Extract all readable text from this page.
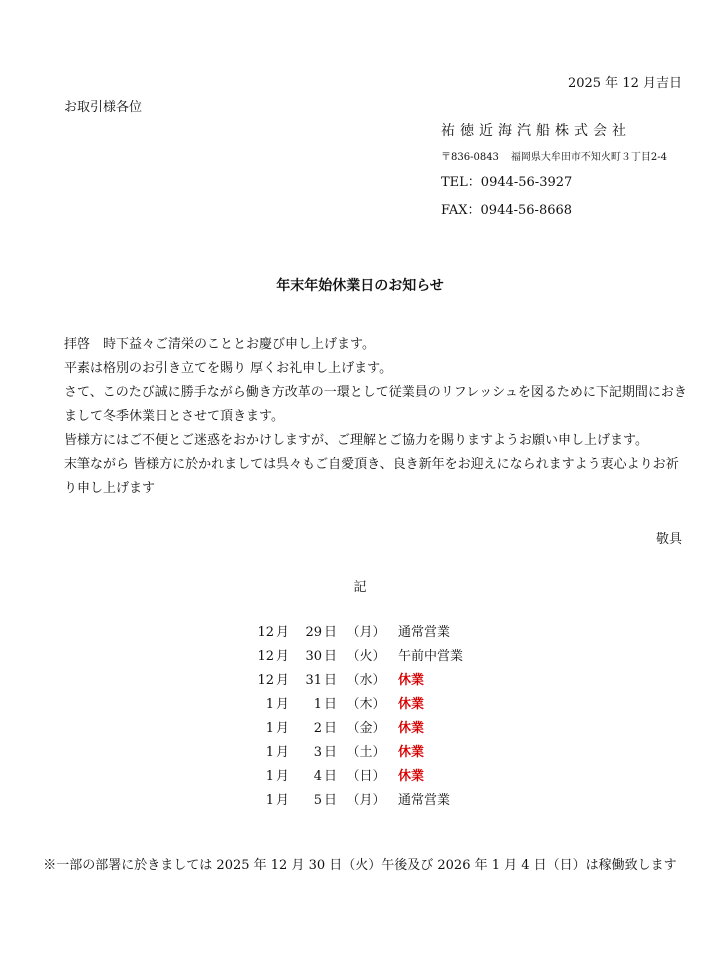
2025 年 12 月吉日
お取引様各位
祐徳近海汽船株式会社
〒836-0843 福岡県大牟田市不知火町３丁目2-4
TEL：0944-56-3927
FAX：0944-56-8668
年末年始休業日のお知らせ

拝啓　時下益々ご清栄のこととお慶び申し上げます。

平素は格別のお引き立てを賜り 厚くお礼申し上げます。

さて、このたび誠に勝手ながら働き方改革の一環として従業員のリフレッシュを図るために下記期間におきまして冬季休業日とさせて頂きます。

皆様方にはご不便とご迷惑をおかけしますが、ご理解とご協力を賜りますようお願い申し上げます。

末筆ながら 皆様方に於かれましては呉々もご自愛頂き、良き新年をお迎えになられますよう衷心よりお祈り申し上げます

敬具
記
12 月	29 日 （月） 通常営業
12 月	30 日 （火） 午前中営業
12 月	31 日 （水） 休業
1 月	1 日 （木） 休業
1 月	2 日 （金） 休業
1 月	3 日 （土） 休業
1 月	4 日 （日） 休業
1 月	5 日 （月） 通常営業
※一部の部署に於きましては 2025 年 12 月 30 日（火）午後及び 2026 年 1 月 4 日（日）は稼働致します
